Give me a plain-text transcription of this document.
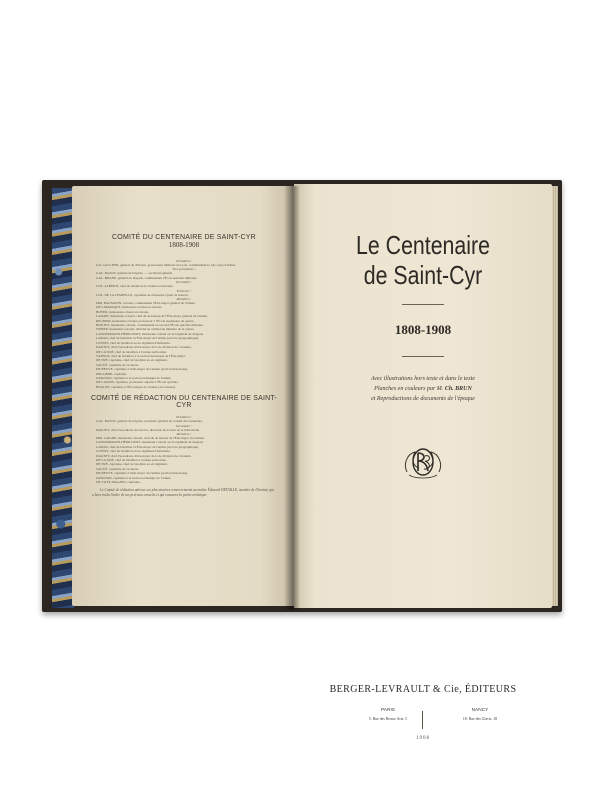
COMITÉ DU CENTENAIRE DE SAINT-CYR

1808-1908

Président :

Gal. GALLIENI, général de division, gouverneur militaire de Lyon, commandant le 14e corps d'armée.

Vice-présidents :

GAL. BAZOT, général de brigade, — secrétaire général.

GAL. BRANE, général de brigade, commandant l'École spéciale militaire.

Secrétaire :

COL. ALBERTI, chef de bataillon de l'armée territoriale.

Trésorier :

COL. DE LA CHAPELLE, capitaine de chasseurs à pied de réserve.

Membres :

MM. BAUMANN, colonel, commandant l'État-major général de l'armée.

DE LAMARQUE, lieutenant-colonel en retraite.

BOYER, lieutenant-colonel en retraite.

LAIGRE, lieutenant-colonel, chef du 4e bureau de l'État-major général de l'armée.

REGNIER, lieutenant-colonel, professeur à l'École supérieure de guerre.

BOUTET, lieutenant-colonel, commandant en second l'École spéciale militaire.

WEBER, lieutenant-colonel, détaché au cabinet du ministre de la guerre.

LANGERMANN-HÉRICOURT, lieutenant-colonel au 3e régiment de dragons.

LAMAS, chef de bataillon à l'État-major de l'armée (service géographique).

COSSET, chef de bataillon au 2e régiment d'infanterie.

DAUZET, chef d'escadrons d'état-major de la 4e division de cavalerie.

DE LA NOË, chef de bataillon à l'armée territoriale.

VARNOT, chef de bataillon à la section historique de l'État-major.

DE TRÉ, capitaine, chef de bataillon au 2e régiment.

SAUVÉ, capitaine de cavalerie.

DE BEUVE, capitaine à l'état-major de l'armée (section historique).

DELLIERE, capitaine.

GRIGNON, capitaine à la section technique de l'armée.

DE LAURIS, capitaine, professeur adjoint à l'École spéciale.

BOGUET, capitaine à l'État-major de l'armée (1er bureau).

COMITÉ DE RÉDACTION DU CENTENAIRE DE SAINT-CYR

Président :

GAL. BAZOT, général de brigade, secrétaire général du comité du Centenaire.

Secrétaire :

DAUZET, chef d'escadrons de réserve, directeur du Carnet de la Sabretache.

Membres :

MM. LAIGRE, lieutenant-colonel, chef du 4e bureau de l'État-major de l'armée.

LANGERMANN-HÉRICOURT, lieutenant-colonel au 3e régiment de dragons.

LAMAS, chef de bataillon à l'État-major de l'armée (service géographique).

COSSET, chef de bataillon au 2e régiment d'infanterie.

DAUZET, chef d'escadrons d'état-major de la 4e division de cavalerie.

DE LA NOË, chef de bataillon à l'armée territoriale.

DE TRÉ, capitaine, chef de bataillon au 2e régiment.

SAUVÉ, capitaine de cavalerie.

DE BEUVE, capitaine à l'état-major de l'armée (section historique).

GRIGNON, capitaine à la section technique de l'armée.

DE VOYE-MAGNIN, capitaine.

Le Comité de rédaction adresse ses plus sincères remerciements au maître Édouard DETAILLE, membre de l'Institut, qui a bien voulu l'aider de ses précieux conseils et qui consacra la partie artistique.

Le Centenaire

de Saint-Cyr

1808-1908

Avec illustrations hors texte et dans le texte

Planches en couleurs par M. Ch. BRUN

et Reproductions de documents de l'époque

BERGER-LEVRAULT & Cie, ÉDITEURS

PARIS

5, Rue des Beaux-Arts, 5

NANCY

18, Rue des Glacis, 18

1908
